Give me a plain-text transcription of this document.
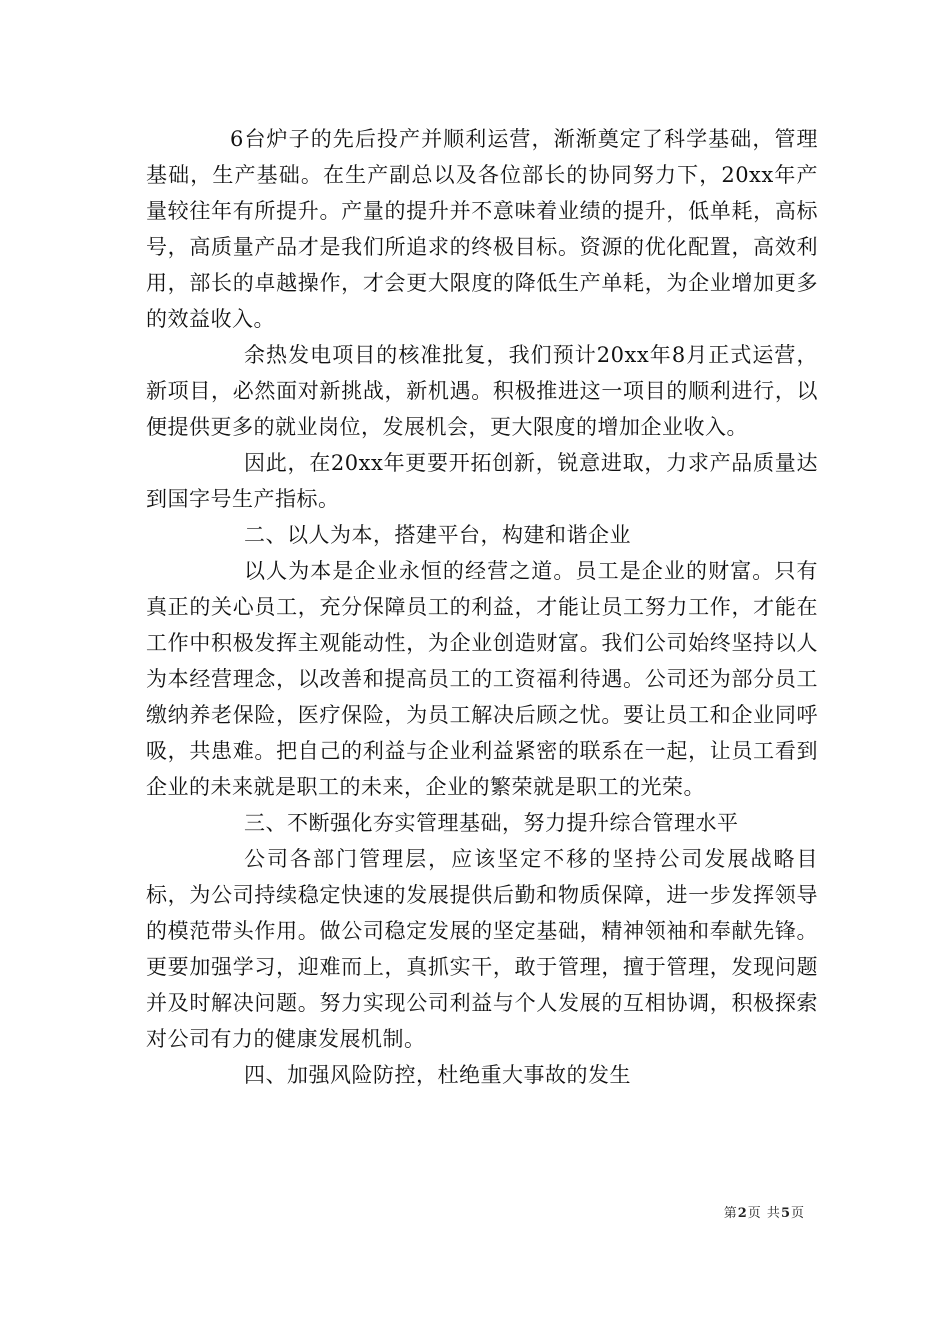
6台炉子的先后投产并顺利运营，渐渐奠定了科学基础，管理基础，生产基础。在生产副总以及各位部长的协同努力下，20xx年产量较往年有所提升。产量的提升并不意味着业绩的提升，低单耗，高标号，高质量产品才是我们所追求的终极目标。资源的优化配置，高效利用，部长的卓越操作，才会更大限度的降低生产单耗，为企业增加更多的效益收入。

余热发电项目的核准批复，我们预计20xx年8月正式运营，新项目，必然面对新挑战，新机遇。积极推进这一项目的顺利进行，以便提供更多的就业岗位，发展机会，更大限度的增加企业收入。

因此，在20xx年更要开拓创新，锐意进取，力求产品质量达到国字号生产指标。

二、以人为本，搭建平台，构建和谐企业

以人为本是企业永恒的经营之道。员工是企业的财富。只有真正的关心员工，充分保障员工的利益，才能让员工努力工作，才能在工作中积极发挥主观能动性，为企业创造财富。我们公司始终坚持以人为本经营理念，以改善和提高员工的工资福利待遇。公司还为部分员工缴纳养老保险，医疗保险，为员工解决后顾之忧。要让员工和企业同呼吸，共患难。把自己的利益与企业利益紧密的联系在一起，让员工看到企业的未来就是职工的未来，企业的繁荣就是职工的光荣。

三、不断强化夯实管理基础，努力提升综合管理水平

公司各部门管理层，应该坚定不移的坚持公司发展战略目标，为公司持续稳定快速的发展提供后勤和物质保障，进一步发挥领导的模范带头作用。做公司稳定发展的坚定基础，精神领袖和奉献先锋。更要加强学习，迎难而上，真抓实干，敢于管理，擅于管理，发现问题并及时解决问题。努力实现公司利益与个人发展的互相协调，积极探索对公司有力的健康发展机制。

四、加强风险防控，杜绝重大事故的发生

第2页 共5页
